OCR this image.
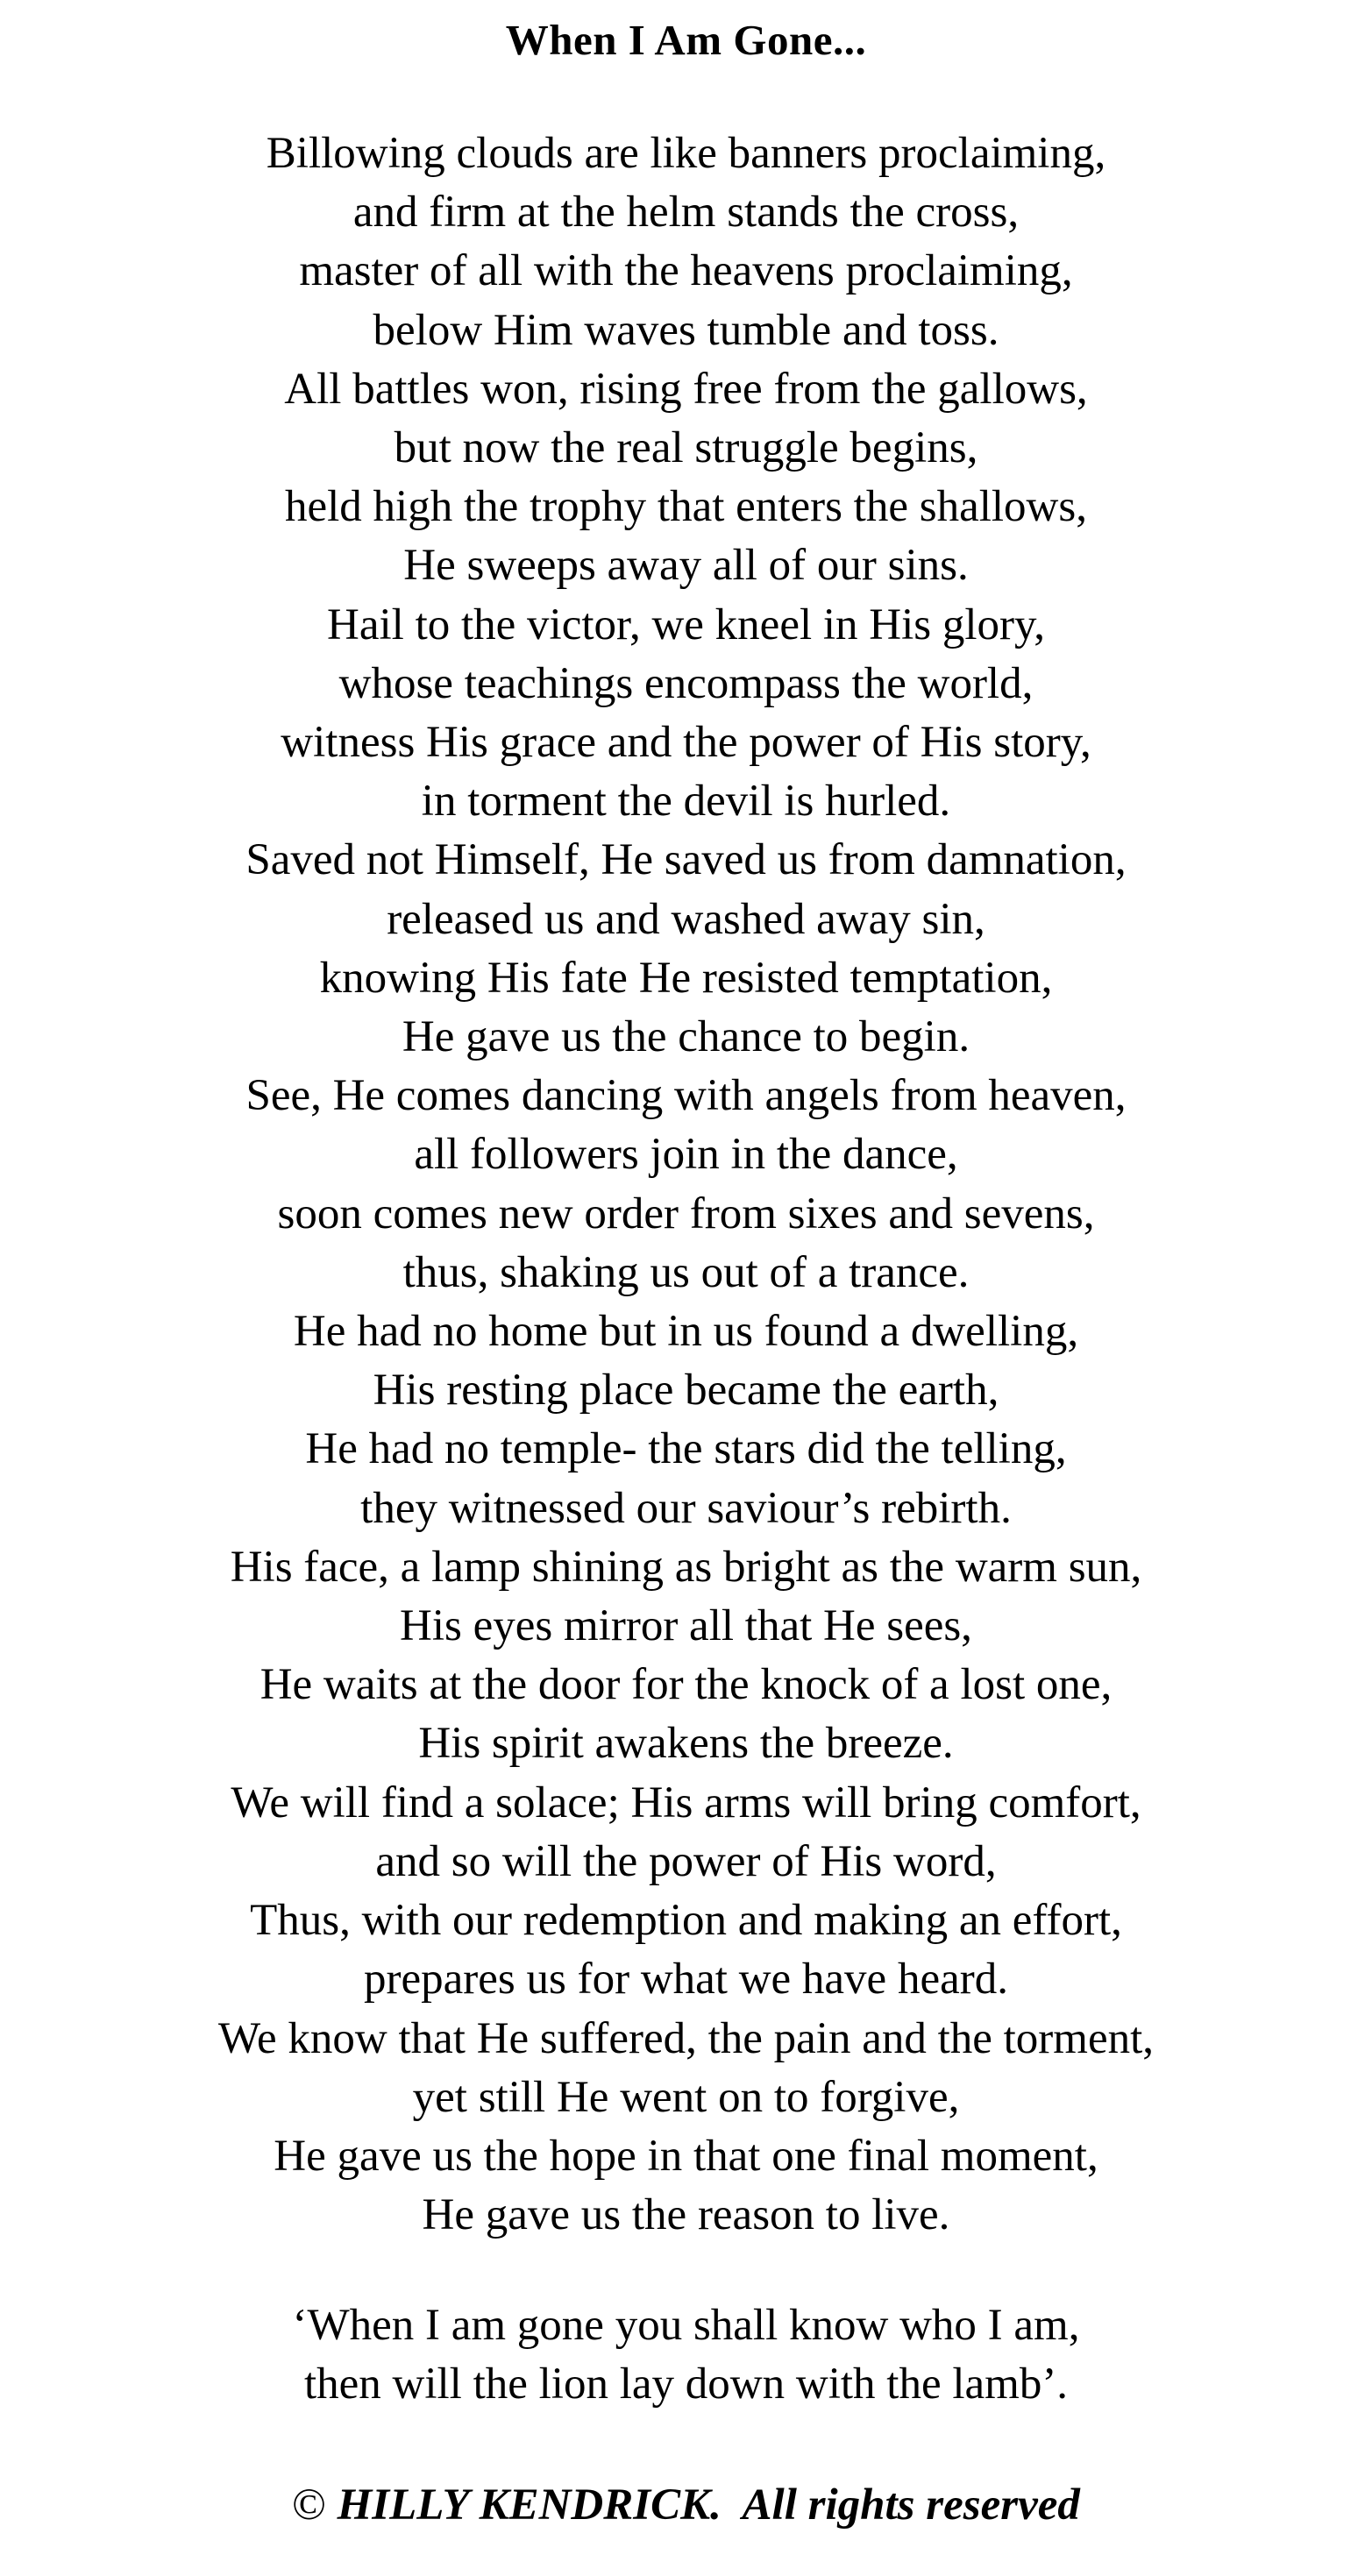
When I Am Gone...
Billowing clouds are like banners proclaiming,
and firm at the helm stands the cross,
master of all with the heavens proclaiming,
below Him waves tumble and toss.
All battles won, rising free from the gallows,
but now the real struggle begins,
held high the trophy that enters the shallows,
He sweeps away all of our sins.
Hail to the victor, we kneel in His glory,
whose teachings encompass the world,
witness His grace and the power of His story,
in torment the devil is hurled.
Saved not Himself, He saved us from damnation,
released us and washed away sin,
knowing His fate He resisted temptation,
He gave us the chance to begin.
See, He comes dancing with angels from heaven,
all followers join in the dance,
soon comes new order from sixes and sevens,
thus, shaking us out of a trance.
He had no home but in us found a dwelling,
His resting place became the earth,
He had no temple- the stars did the telling,
they witnessed our saviour’s rebirth.
His face, a lamp shining as bright as the warm sun,
His eyes mirror all that He sees,
He waits at the door for the knock of a lost one,
His spirit awakens the breeze.
We will find a solace; His arms will bring comfort,
and so will the power of His word,
Thus, with our redemption and making an effort,
prepares us for what we have heard.
We know that He suffered, the pain and the torment,
yet still He went on to forgive,
He gave us the hope in that one final moment,
He gave us the reason to live.
‘When I am gone you shall know who I am,
then will the lion lay down with the lamb’.
© HILLY KENDRICK.  All rights reserved
